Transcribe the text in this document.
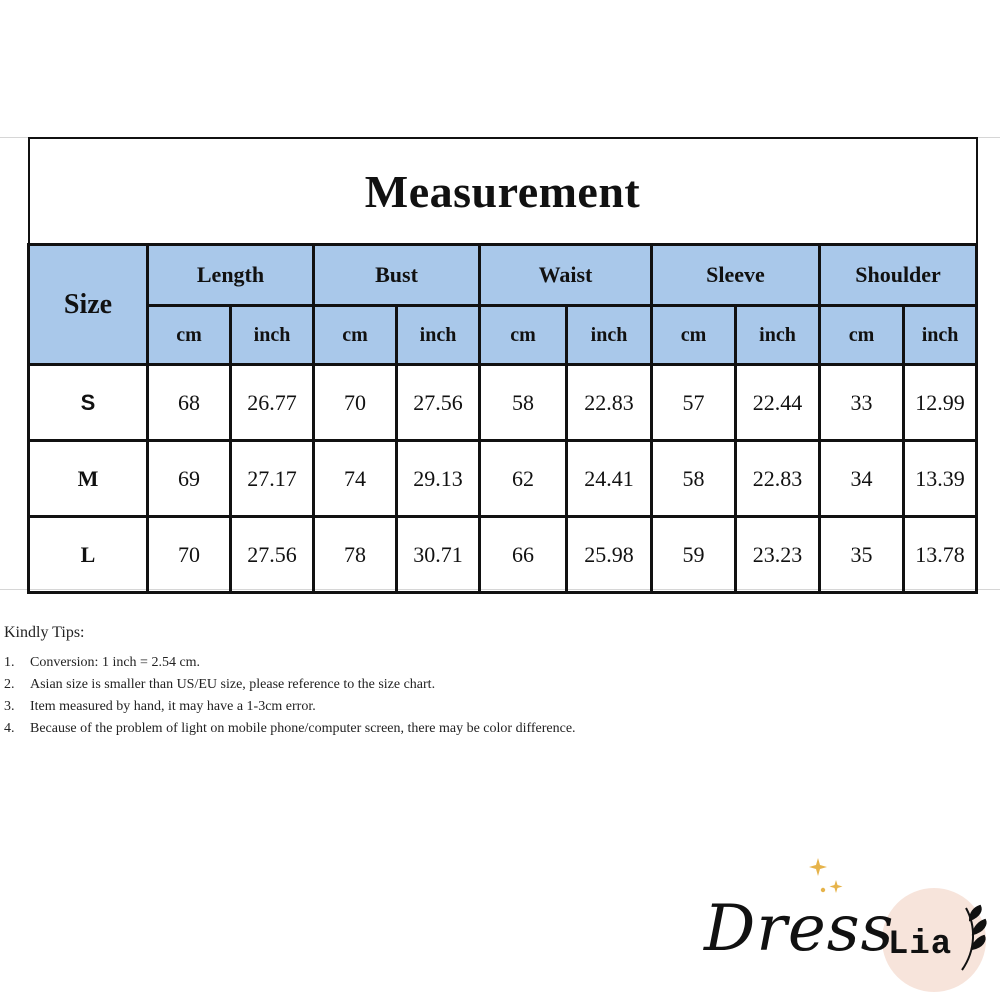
Measurement										
Size	Length		Bust		Waist		Sleeve		Shoulder	
	cm	inch	cm	inch	cm	inch	cm	inch	cm	inch
S	68	26.77	70	27.56	58	22.83	57	22.44	33	12.99
M	69	27.17	74	29.13	62	24.41	58	22.83	34	13.39
L	70	27.56	78	30.71	66	25.98	59	23.23	35	13.78

Kindly Tips:

1. Conversion: 1 inch = 2.54 cm.
2. Asian size is smaller than US/EU size, please reference to the size chart.
3. Item measured by hand, it may have a 1-3cm error.
4. Because of the problem of light on mobile phone/computer screen, there may be color difference.
Dress
Lia
